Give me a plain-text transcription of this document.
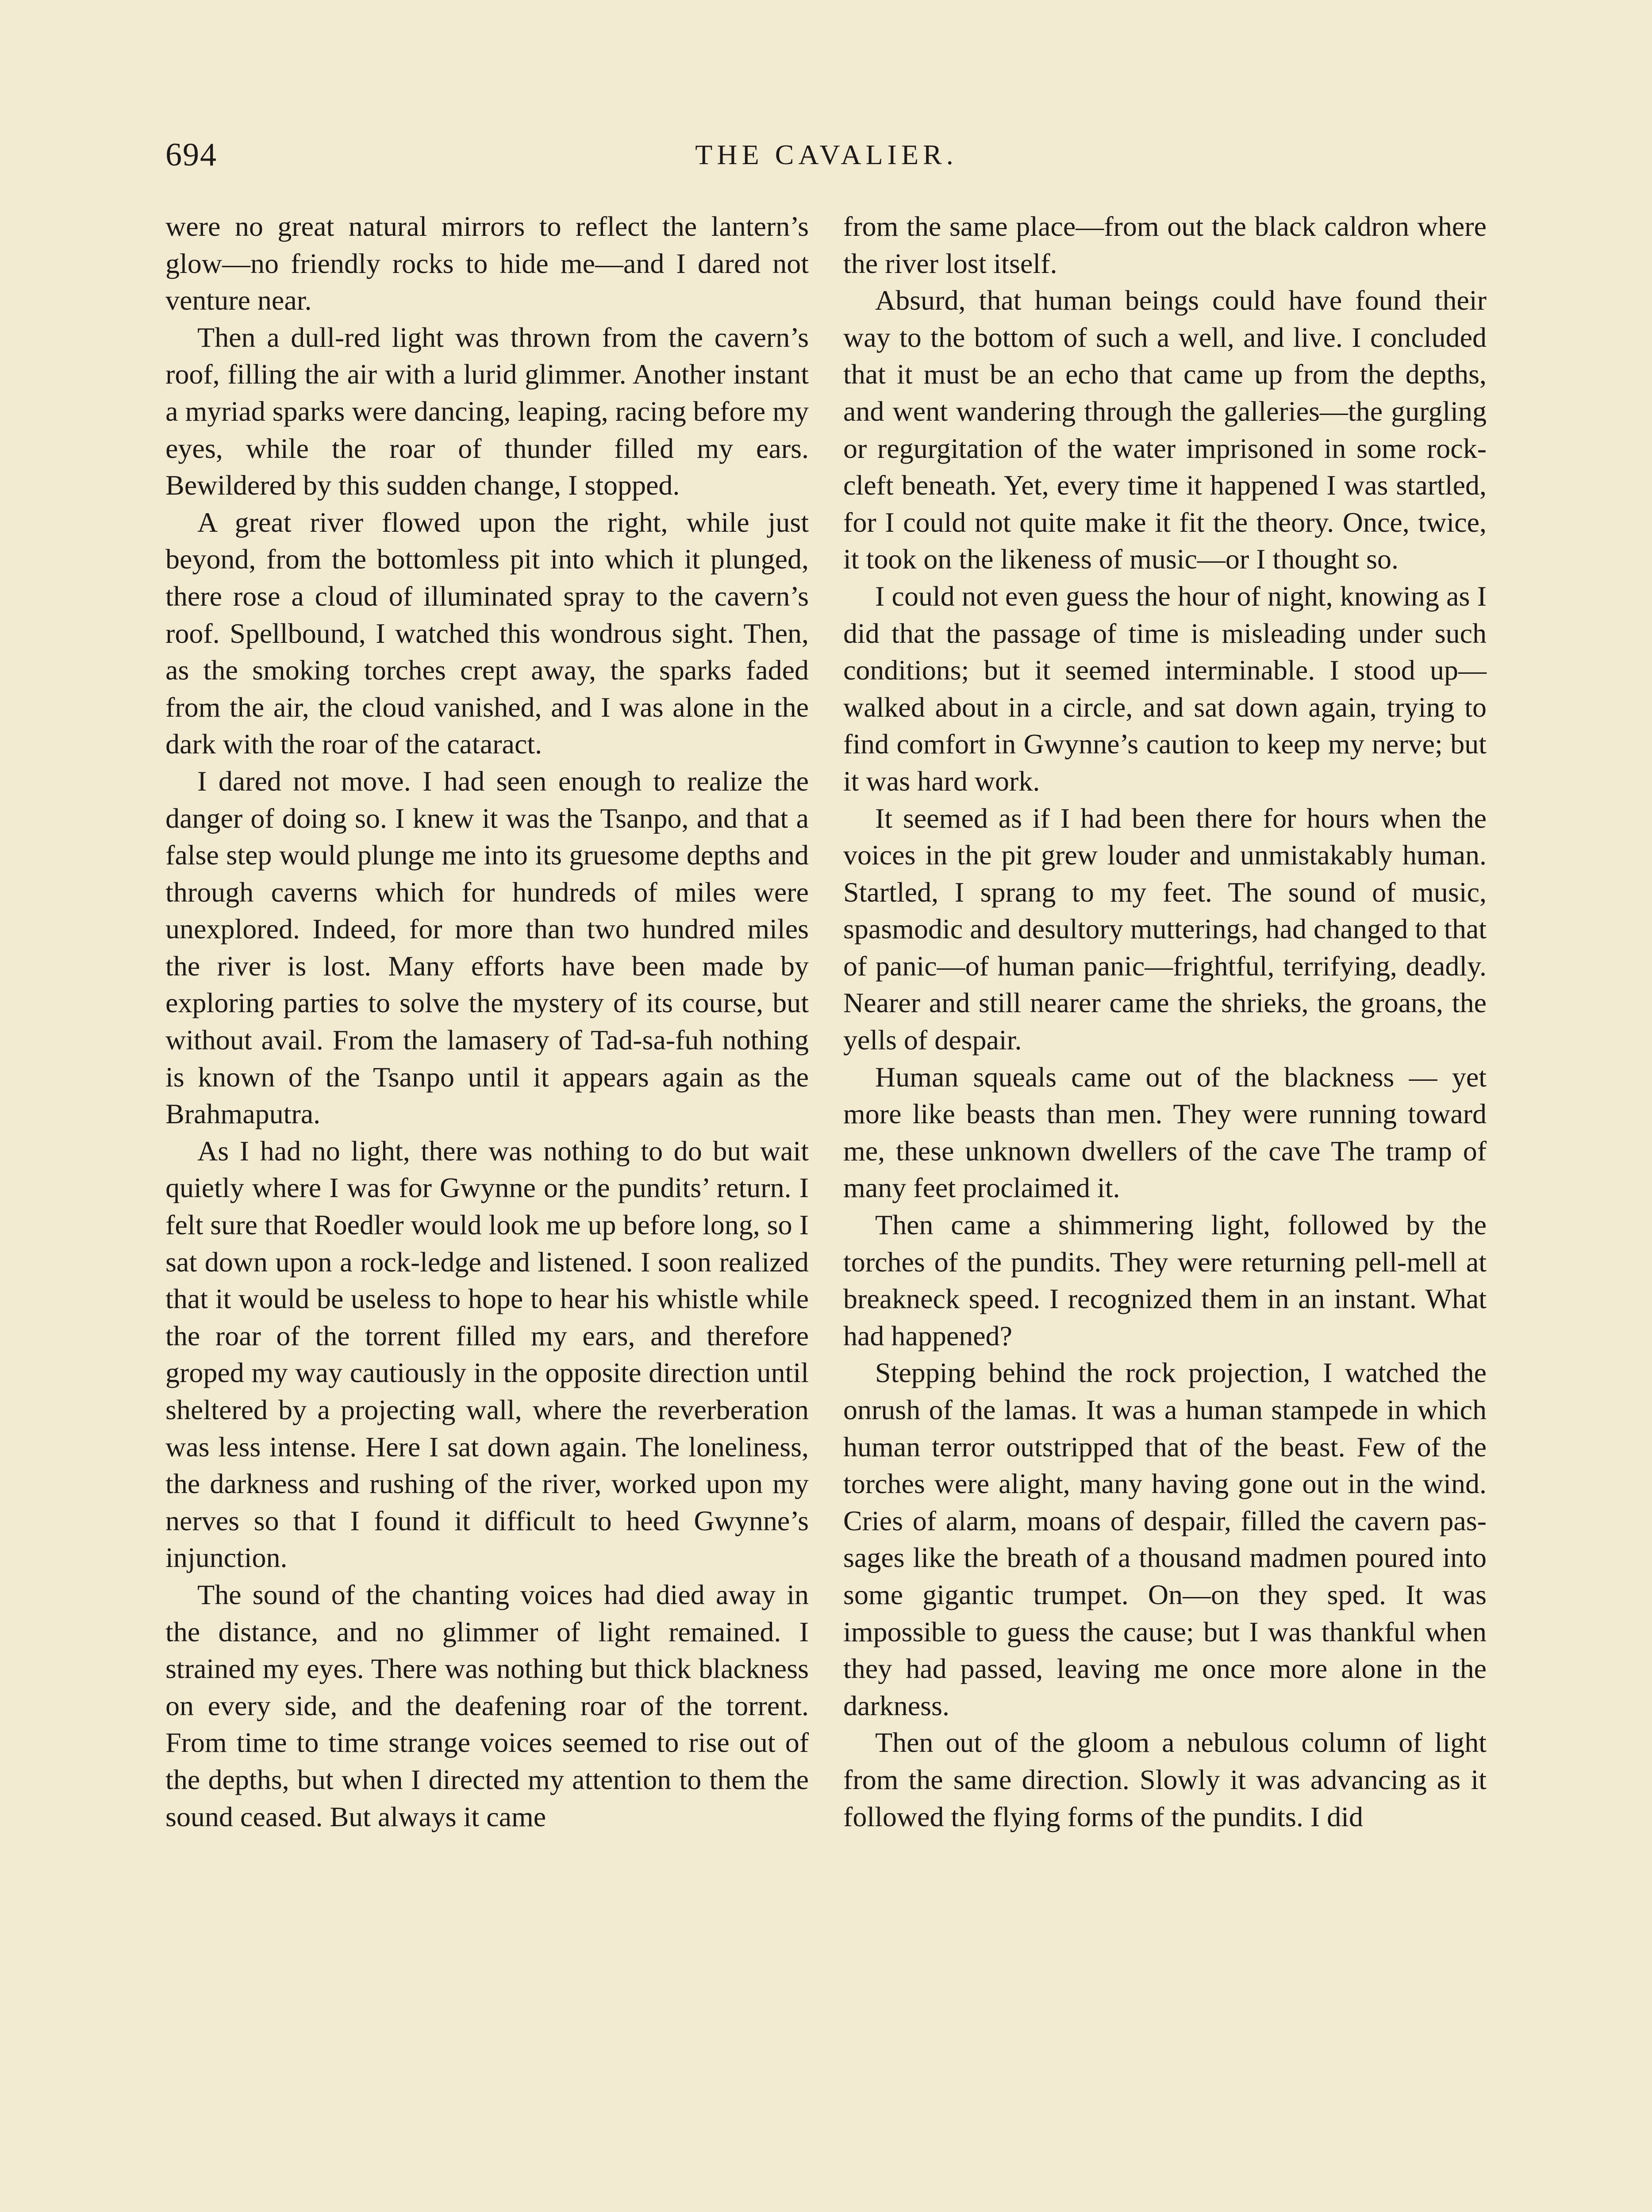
694	THE CAVALIER.

were no great natural mirrors to reflect the lantern’s glow—no friendly rocks to hide me—and I dared not venture near.

Then a dull-red light was thrown from the cavern’s roof, filling the air with a lurid glimmer. Another instant a myriad sparks were dancing, leaping, racing before my eyes, while the roar of thunder filled my ears. Bewildered by this sudden change, I stopped.

A great river flowed upon the right, while just beyond, from the bottomless pit into which it plunged, there rose a cloud of illuminated spray to the cavern’s roof. Spellbound, I watched this wondrous sight. Then, as the smoking torches crept away, the sparks faded from the air, the cloud vanished, and I was alone in the dark with the roar of the cataract.

I dared not move. I had seen enough to realize the danger of doing so. I knew it was the Tsanpo, and that a false step would plunge me into its gruesome depths and through caverns which for hundreds of miles were unexplored. Indeed, for more than two hundred miles the river is lost. Many efforts have been made by exploring parties to solve the mystery of its course, but without avail. From the lamasery of Tad-sa-fuh nothing is known of the Tsanpo until it appears again as the Brahmaputra.

As I had no light, there was nothing to do but wait quietly where I was for Gwynne or the pundits’ return. I felt sure that Roedler would look me up before long, so I sat down upon a rock-ledge and listened. I soon realized that it would be useless to hope to hear his whistle while the roar of the torrent filled my ears, and therefore groped my way cautiously in the opposite direction until sheltered by a projecting wall, where the reverberation was less intense. Here I sat down again. The loneliness, the darkness and rushing of the river, worked upon my nerves so that I found it difficult to heed Gwynne’s injunction.

The sound of the chanting voices had died away in the distance, and no glimmer of light remained. I strained my eyes. There was nothing but thick blackness on every side, and the deafening roar of the torrent. From time to time strange voices seemed to rise out of the depths, but when I directed my attention to them the sound ceased. But always it came

from the same place—from out the black caldron where the river lost itself.

Absurd, that human beings could have found their way to the bottom of such a well, and live. I concluded that it must be an echo that came up from the depths, and went wandering through the galleries—the gurgling or regurgitation of the water imprisoned in some rock-cleft beneath. Yet, every time it happened I was startled, for I could not quite make it fit the theory. Once, twice, it took on the likeness of music—or I thought so.

I could not even guess the hour of night, knowing as I did that the passage of time is misleading under such conditions; but it seemed interminable. I stood up—walked about in a circle, and sat down again, trying to find comfort in Gwynne’s caution to keep my nerve; but it was hard work.

It seemed as if I had been there for hours when the voices in the pit grew louder and unmistakably human. Startled, I sprang to my feet. The sound of music, spasmodic and desultory mutterings, had changed to that of panic—of human panic—frightful, terrifying, deadly. Nearer and still nearer came the shrieks, the groans, the yells of despair.

Human squeals came out of the blackness — yet more like beasts than men. They were running toward me, these unknown dwellers of the cave The tramp of many feet proclaimed it.

Then came a shimmering light, followed by the torches of the pundits. They were returning pell-mell at breakneck speed. I recognized them in an instant. What had happened?

Stepping behind the rock projection, I watched the onrush of the lamas. It was a human stampede in which human terror outstripped that of the beast. Few of the torches were alight, many having gone out in the wind. Cries of alarm, moans of despair, filled the cavern passages like the breath of a thousand madmen poured into some gigantic trumpet. On—on they sped. It was impossible to guess the cause; but I was thankful when they had passed, leaving me once more alone in the darkness.

Then out of the gloom a nebulous column of light from the same direction. Slowly it was advancing as it followed the flying forms of the pundits. I did
